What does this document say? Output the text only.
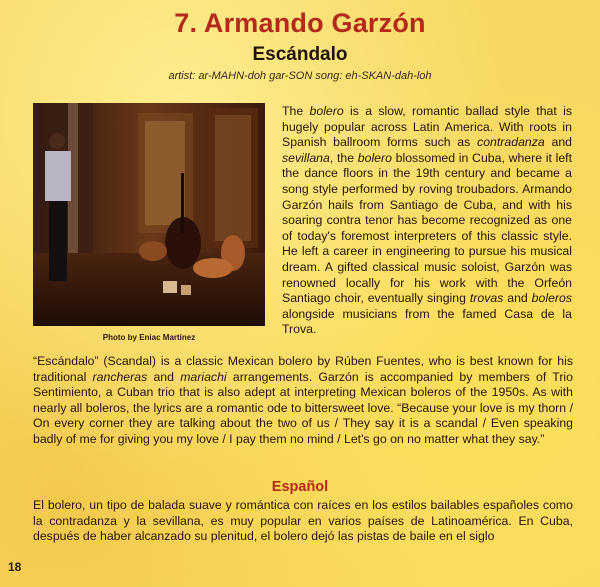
7. Armando Garzón
Escándalo
artist: ar-MAHN-doh gar-SON song: eh-SKAN-dah-loh
Photo by Eniac Martínez
The bolero is a slow, romantic ballad style that is hugely popular across Latin America. With roots in Spanish ballroom forms such as contradanza and sevillana, the bolero blossomed in Cuba, where it left the dance floors in the 19th century and became a song style performed by roving troubadors. Armando Garzón hails from Santiago de Cuba, and with his soaring contra tenor has become recognized as one of today's foremost interpreters of this classic style. He left a career in engineering to pursue his musical dream. A gifted classical music soloist, Garzón was renowned locally for his work with the Orfeón Santiago choir, eventually singing trovas and boleros alongside musicians from the famed Casa de la Trova.
“Escándalo” (Scandal) is a classic Mexican bolero by Rúben Fuentes, who is best known for his traditional rancheras and mariachi arrangements. Garzón is accompanied by members of Trio Sentimiento, a Cuban trio that is also adept at interpreting Mexican boleros of the 1950s. As with nearly all boleros, the lyrics are a romantic ode to bittersweet love. “Because your love is my thorn / On every corner they are talking about the two of us / They say it is a scandal / Even speaking badly of me for giving you my love / I pay them no mind / Let's go on no matter what they say.”
Español
El bolero, un tipo de balada suave y romántica con raíces en los estilos bailables españoles como la contradanza y la sevillana, es muy popular en varios países de Latinoamérica. En Cuba, después de haber alcanzado su plenitud, el bolero dejó las pistas de baile en el siglo
18
